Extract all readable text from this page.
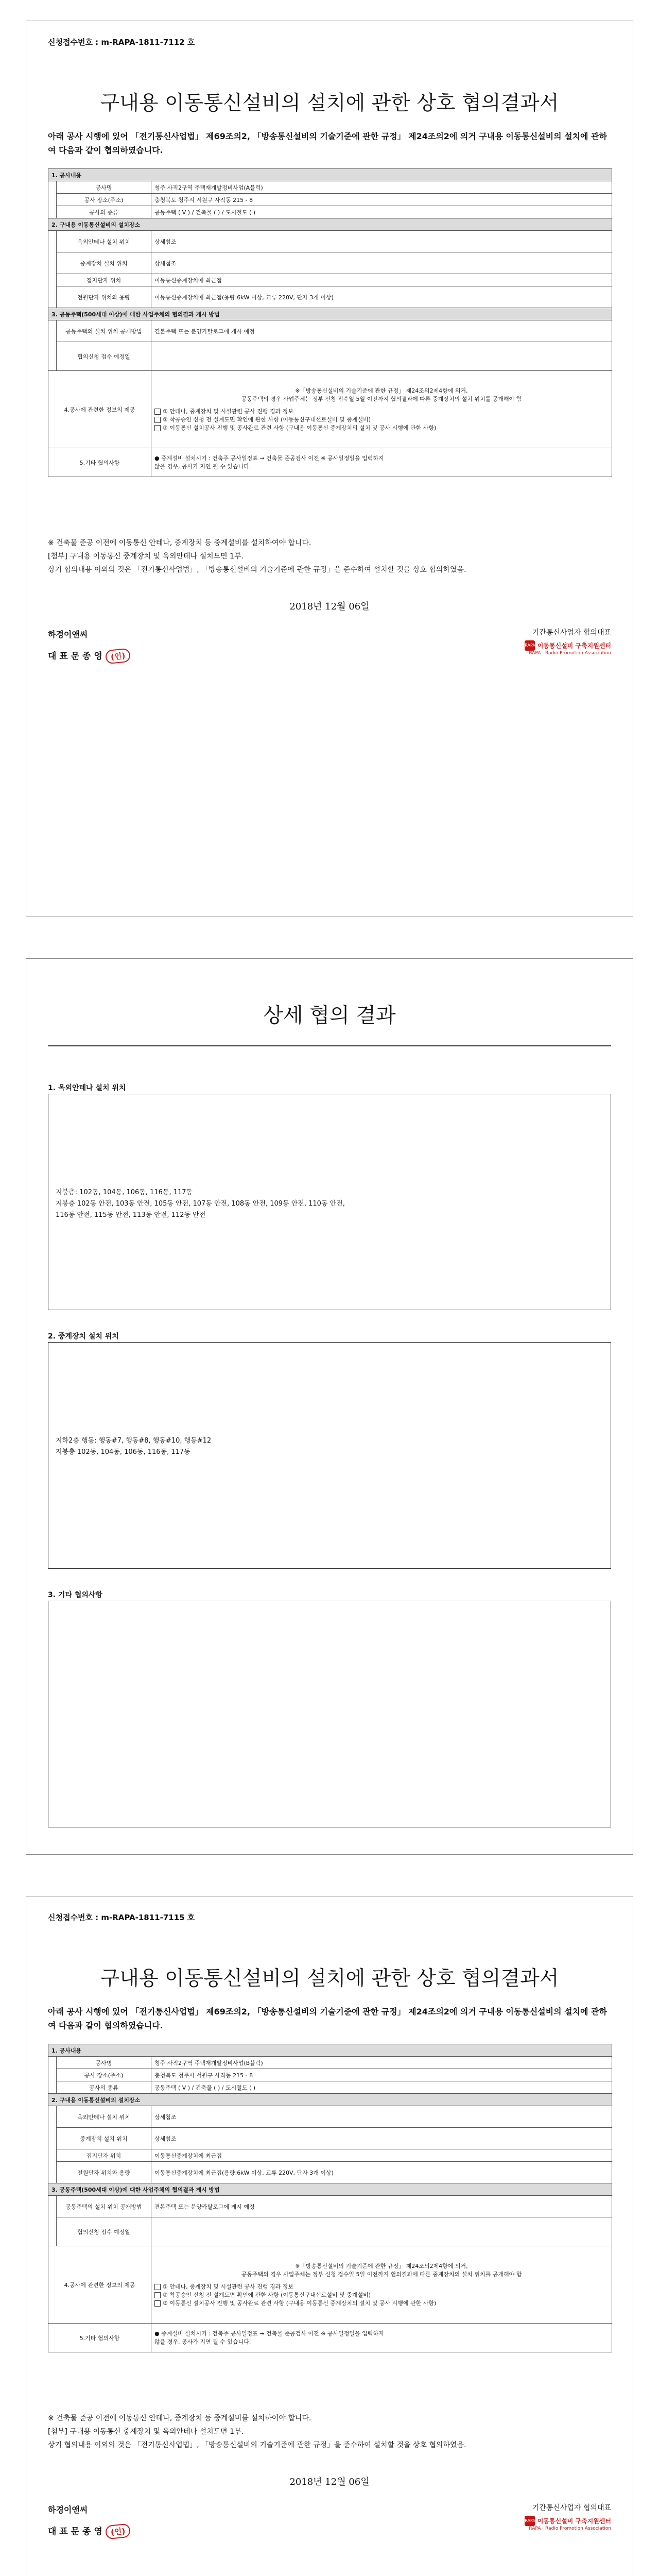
신청접수번호 : m-RAPA-1811-7112 호
구내용 이동통신설비의 설치에 관한 상호 협의결과서
아래 공사 시행에 있어 「전기통신사업법」 제69조의2, 「방송통신설비의 기술기준에 관한 규정」 제24조의2에 의거 구내용 이동통신설비의 설치에 관하여 다음과 같이 협의하였습니다.
1. 공사내용		
	공사명	청주 사직2구역 주택재개발정비사업(A블럭)
	공사 장소(주소)	충청북도 청주시 서원구 사직동 215 - 8
	공사의 종류	공동주택 ( V ) / 건축물 ( ) / 도시철도 ( )
2. 구내용 이동통신설비의 설치장소		
	옥외안테나 설치 위치	상세첨조
	중계장치 설치 위치	상세첨조
	접지단자 위치	이동통신중계장치에 최근접
	전원단자 위치와 용량	이동통신중계장치에 최근접(용량:6kW 이상, 교류 220V, 단자 3개 이상)
3. 공동주택(500세대 이상)에 대한 사업주체의 협의결과 게시 방법		
	공동주택의 설치 위치 공개방법	견본주택 또는 분양카탈로그에 게시 예정
	협의신청 접수 예정일	
4.공사에 관련한 정보의 제공		※「방송통신설비의 기술기준에 관한 규정」 제24조의2제4항에 의거,
공동주택의 경우 사업주체는 정부 신청 접수일 5일 이전까지 협의결과에 따른 중계장치의 설치 위치를 공개해야 함
① 안테나, 중계장치 및 시설관련 공사 진행 경과 정보
② 착공승인 신청 전 설계도면 확인에 관한 사항 (이동통신구내선로설비 및 중계설비)
③ 이동통신 설치공사 진행 및 공사완료 관련 사항 (구내용 이동통신 중계장치의 설치 및 공사 시행에 관한 사항)

5.기타 협의사항		● 중계설비 설치시기 : 건축주 공사일정표 → 건축물 준공검사 이전 ※ 공사일정일을 입력하지
않을 경우, 공사가 지연 될 수 있습니다.
※ 건축물 준공 이전에 이동통신 안테나, 중계장치 등 중계설비를 설치하여야 합니다.
[첨부] 구내용 이동통신 중계장치 및 옥외안테나 설치도면 1부.
상기 협의내용 이외의 것은 「전기통신사업법」, 「방송통신설비의 기술기준에 관한 규정」을 준수하여 설치할 것을 상호 협의하였음.
2018년 12월 06일
하경이앤씨
대 표 문 종 영 (인)
기간통신사업자 협의대표
RAPA 이동통신설비 구축지원센터
RAPA · Radio Promotion Association
상세 협의 결과
1. 옥외안테나 설치 위치
지붕층: 102동, 104동, 106동, 116동, 117동
지붕층 102동 안전, 103동 안전, 105동 안전, 107동 안전, 108동 안전, 109동 안전, 110동 안전,
116동 안전, 115동 안전, 113동 안전, 112동 안전
2. 중계장치 설치 위치
지하2층 행동: 행동#7, 행동#8, 행동#10, 행동#12
지붕층 102동, 104동, 106동, 116동, 117동
3. 기타 협의사항
신청접수번호 : m-RAPA-1811-7115 호
구내용 이동통신설비의 설치에 관한 상호 협의결과서
아래 공사 시행에 있어 「전기통신사업법」 제69조의2, 「방송통신설비의 기술기준에 관한 규정」 제24조의2에 의거 구내용 이동통신설비의 설치에 관하여 다음과 같이 협의하였습니다.
1. 공사내용		
	공사명	청주 사직2구역 주택재개발정비사업(B블럭)
	공사 장소(주소)	충청북도 청주시 서원구 사직동 215 - 8
	공사의 종류	공동주택 ( V ) / 건축물 ( ) / 도시철도 ( )
2. 구내용 이동통신설비의 설치장소		
	옥외안테나 설치 위치	상세첨조
	중계장치 설치 위치	상세첨조
	접지단자 위치	이동통신중계장치에 최근접
	전원단자 위치와 용량	이동통신중계장치에 최근접(용량:6kW 이상, 교류 220V, 단자 3개 이상)
3. 공동주택(500세대 이상)에 대한 사업주체의 협의결과 게시 방법		
	공동주택의 설치 위치 공개방법	견본주택 또는 분양카탈로그에 게시 예정
	협의신청 접수 예정일	
4.공사에 관련한 정보의 제공		※「방송통신설비의 기술기준에 관한 규정」 제24조의2제4항에 의거,
공동주택의 경우 사업주체는 정부 신청 접수일 5일 이전까지 협의결과에 따른 중계장치의 설치 위치를 공개해야 함
① 안테나, 중계장치 및 시설관련 공사 진행 경과 정보
② 착공승인 신청 전 설계도면 확인에 관한 사항 (이동통신구내선로설비 및 중계설비)
③ 이동통신 설치공사 진행 및 공사완료 관련 사항 (구내용 이동통신 중계장치의 설치 및 공사 시행에 관한 사항)

5.기타 협의사항		● 중계설비 설치시기 : 건축주 공사일정표 → 건축물 준공검사 이전 ※ 공사일정일을 입력하지
않을 경우, 공사가 지연 될 수 있습니다.
※ 건축물 준공 이전에 이동통신 안테나, 중계장치 등 중계설비를 설치하여야 합니다.
[첨부] 구내용 이동통신 중계장치 및 옥외안테나 설치도면 1부.
상기 협의내용 이외의 것은 「전기통신사업법」, 「방송통신설비의 기술기준에 관한 규정」을 준수하여 설치할 것을 상호 협의하였음.
2018년 12월 06일
하경이앤씨
대 표 문 종 영 (인)
기간통신사업자 협의대표
RAPA 이동통신설비 구축지원센터
RAPA · Radio Promotion Association
